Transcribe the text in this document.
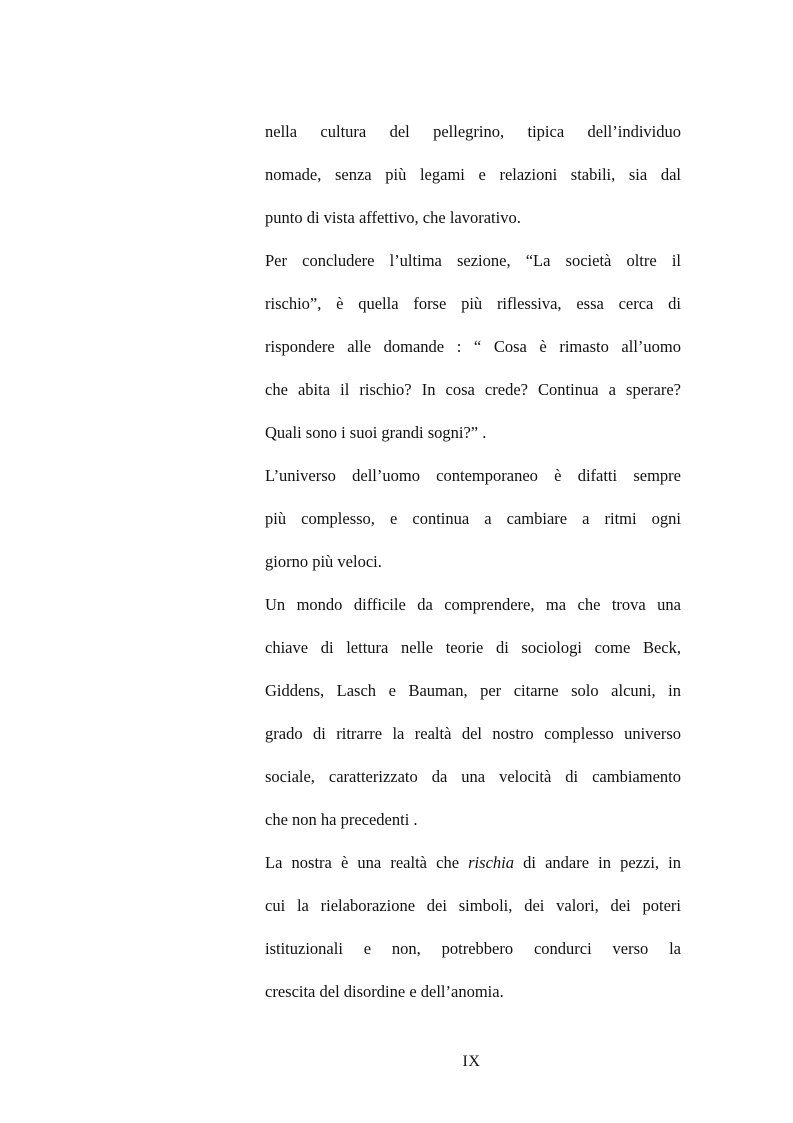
nella cultura del pellegrino, tipica dell’individuo
nomade, senza più legami e relazioni stabili, sia dal
punto di vista affettivo, che lavorativo.
Per concludere l’ultima sezione, “La società oltre il
rischio”, è quella forse più riflessiva, essa cerca di
rispondere alle domande : “ Cosa è rimasto all’uomo
che abita il rischio? In cosa crede? Continua a sperare?
Quali sono i suoi grandi sogni?” .
L’universo dell’uomo contemporaneo è difatti sempre
più complesso, e continua a cambiare a ritmi ogni
giorno più veloci.
Un mondo difficile da comprendere, ma che trova una
chiave di lettura nelle teorie di sociologi come Beck,
Giddens, Lasch e Bauman, per citarne solo alcuni, in
grado di ritrarre la realtà del nostro complesso universo
sociale, caratterizzato da una velocità di cambiamento
che non ha precedenti .
La nostra è una realtà che rischia di andare in pezzi, in
cui la rielaborazione dei simboli, dei valori, dei poteri
istituzionali e non, potrebbero condurci verso la
crescita del disordine e dell’anomia.
IX
